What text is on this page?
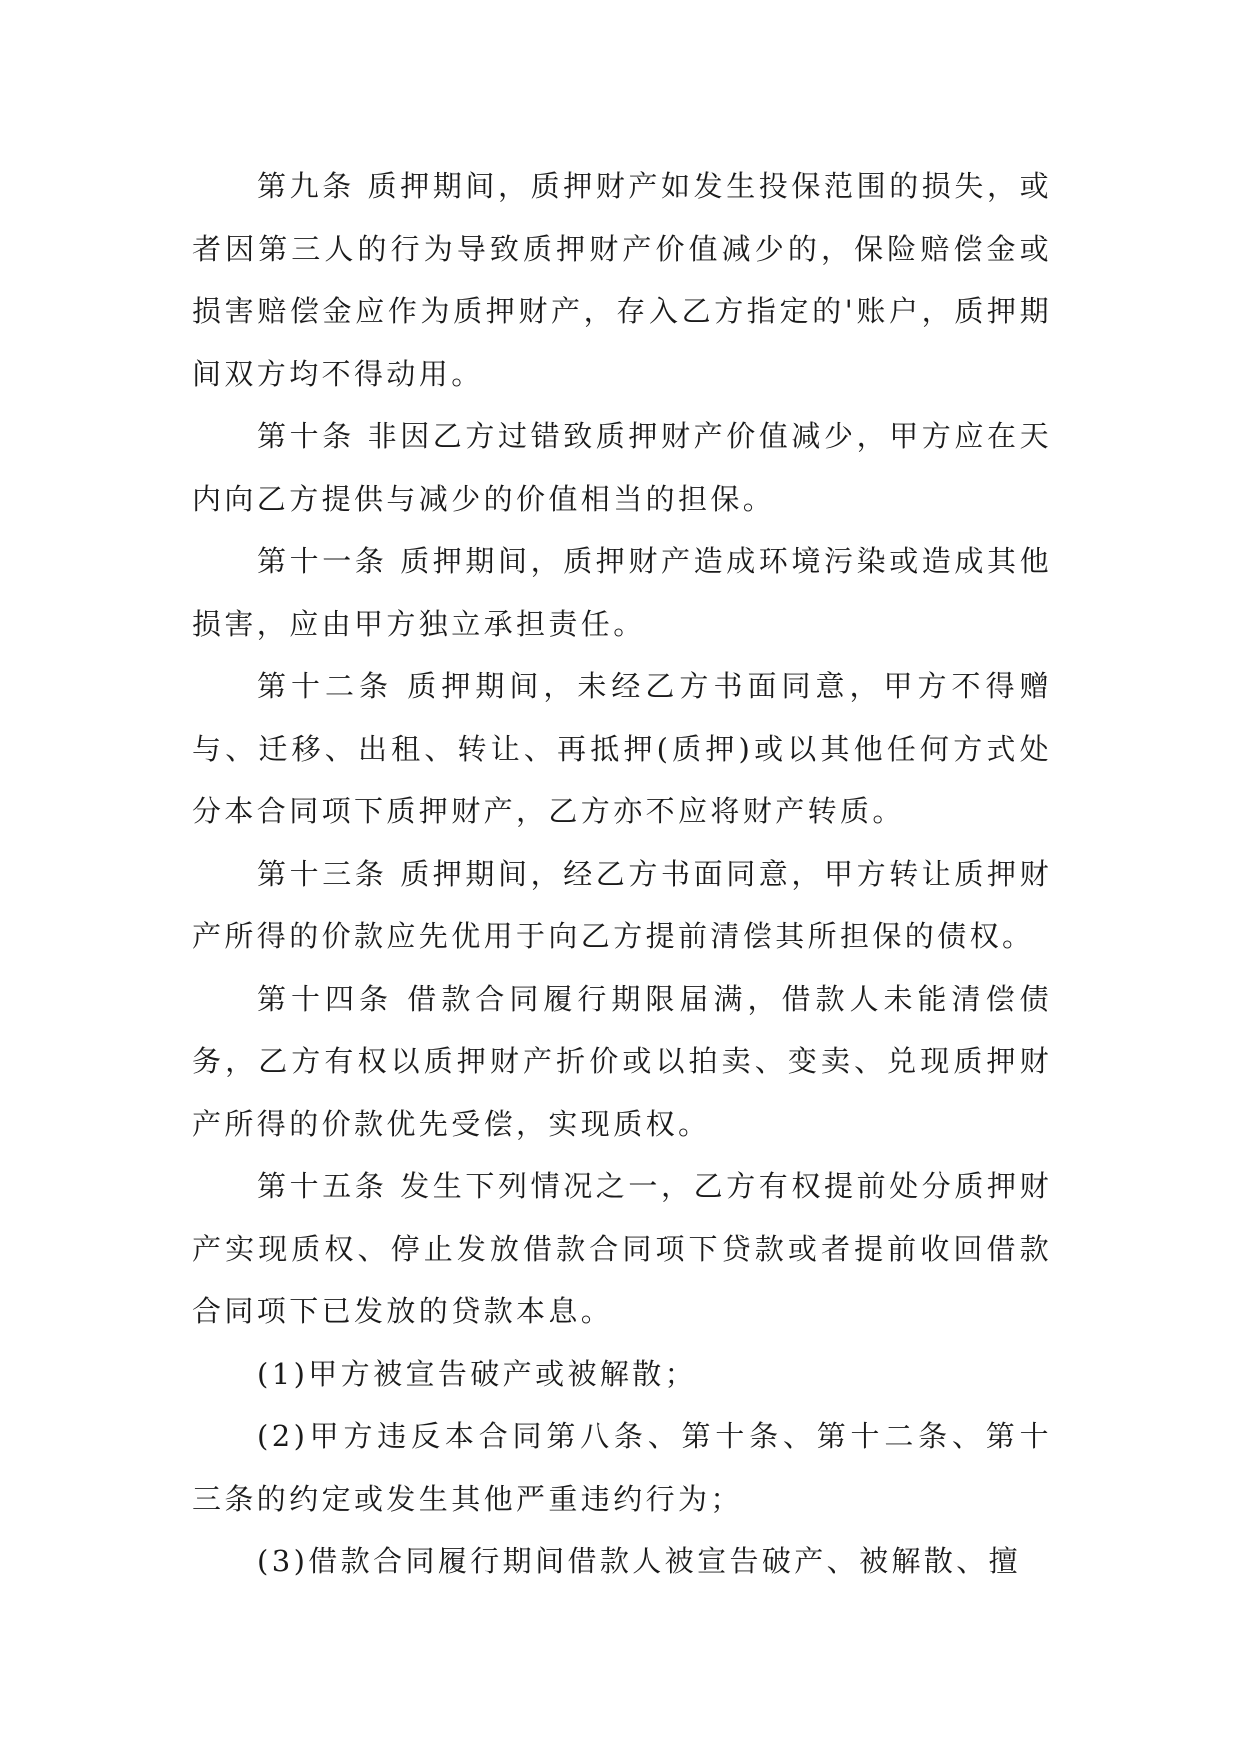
第九条 质押期间，质押财产如发生投保范围的损失，或者因第三人的行为导致质押财产价值减少的，保险赔偿金或损害赔偿金应作为质押财产，存入乙方指定的'账户，质押期间双方均不得动用。

第十条 非因乙方过错致质押财产价值减少，甲方应在天内向乙方提供与减少的价值相当的担保。

第十一条 质押期间，质押财产造成环境污染或造成其他损害，应由甲方独立承担责任。

第十二条 质押期间，未经乙方书面同意，甲方不得赠与、迁移、出租、转让、再抵押(质押)或以其他任何方式处分本合同项下质押财产，乙方亦不应将财产转质。

第十三条 质押期间，经乙方书面同意，甲方转让质押财产所得的价款应先优用于向乙方提前清偿其所担保的债权。

第十四条 借款合同履行期限届满，借款人未能清偿债务，乙方有权以质押财产折价或以拍卖、变卖、兑现质押财产所得的价款优先受偿，实现质权。

第十五条 发生下列情况之一，乙方有权提前处分质押财产实现质权、停止发放借款合同项下贷款或者提前收回借款合同项下已发放的贷款本息。

(1)甲方被宣告破产或被解散；

(2)甲方违反本合同第八条、第十条、第十二条、第十三条的约定或发生其他严重违约行为；

(3)借款合同履行期间借款人被宣告破产、被解散、擅
